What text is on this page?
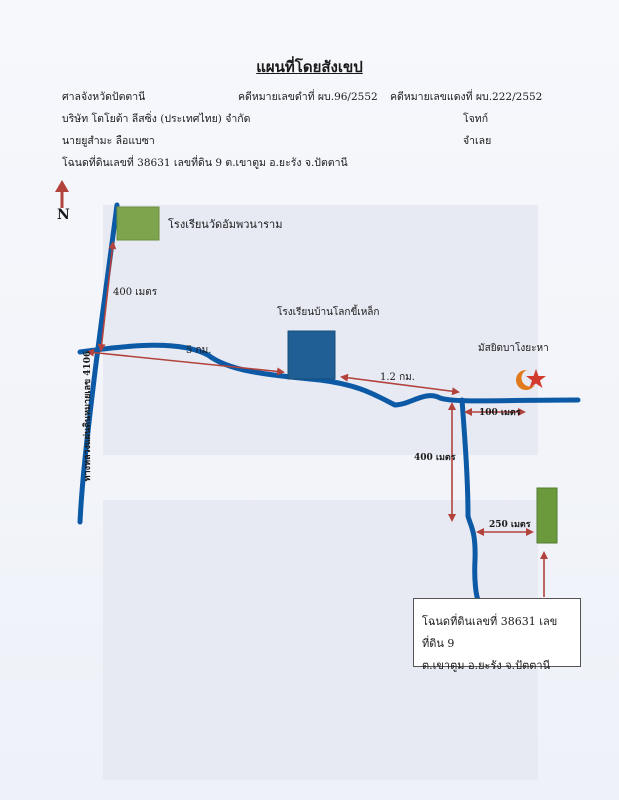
แผนที่โดยสังเขป
ศาลจังหวัดปัตตานี	คดีหมายเลขดำที่ ผบ.96/2552 คดีหมายเลขแดงที่ ผบ.222/2552
บริษัท โตโยต้า ลีสซิ่ง (ประเทศไทย) จำกัด	โจทก์
นายยูสำมะ ลือแบซา	จำเลย
โฉนดที่ดินเลขที่ 38631 เลขที่ดิน 9 ต.เขาตูม อ.ยะรัง จ.ปัตตานี
N
โรงเรียนวัดอัมพวนาราม
โรงเรียนบ้านโลกขี้เหล็ก
มัสยิดบาโงยะหา
400 เมตร
5 กม.
1.2 กม.
100 เมตร
400 เมตร
250 เมตร
ทางหลวงแผ่นดินหมายเลข 4106
โฉนดที่ดินเลขที่ 38631 เลขที่ดิน 9
ต.เขาตูม อ.ยะรัง จ.ปัตตานี
